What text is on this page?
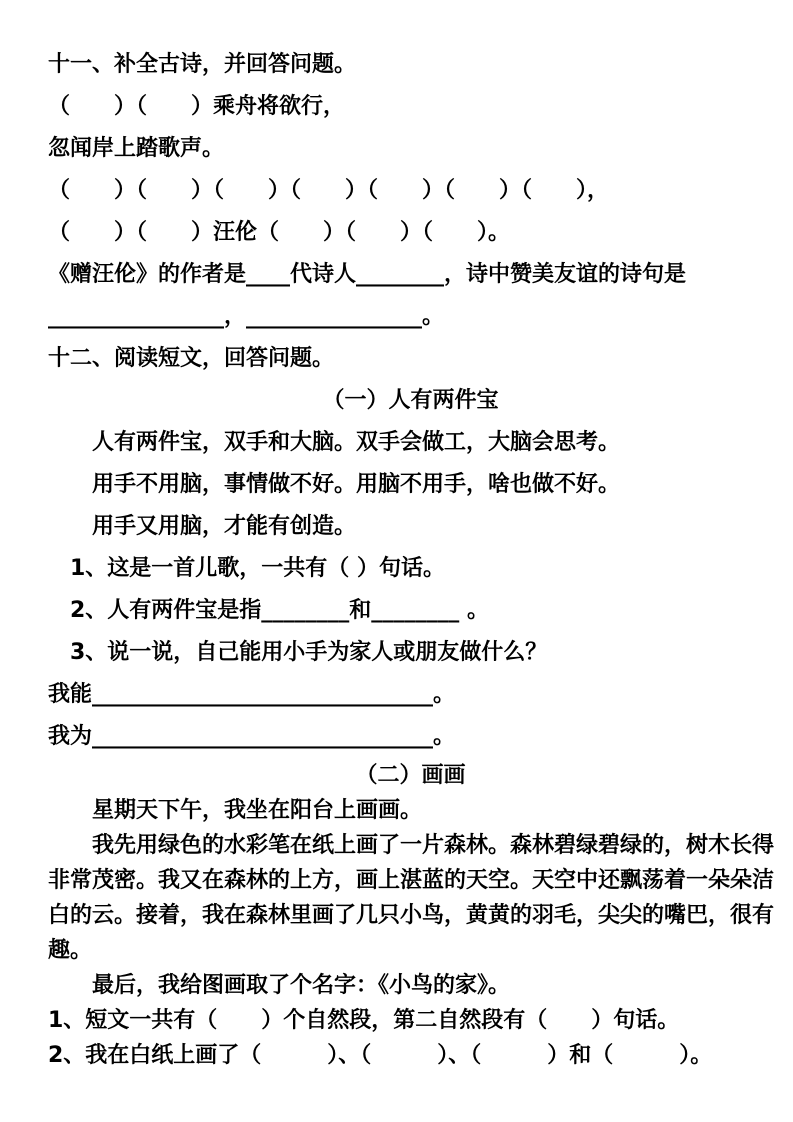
十一、补全古诗，并回答问题。

（　　）（　　）乘舟将欲行，

忽闻岸上踏歌声。

（　　）（　　）（　　）（　　）（　　）（　　）（　　），

（　　）（　　）汪伦（　　）（　　）（　　）。

《赠汪伦》的作者是____代诗人________，诗中赞美友谊的诗句是

________________，________________。

十二、阅读短文，回答问题。

（一）人有两件宝

人有两件宝，双手和大脑。双手会做工，大脑会思考。

用手不用脑，事情做不好。用脑不用手，啥也做不好。

用手又用脑，才能有创造。

1、这是一首儿歌，一共有（ ）句话。

2、人有两件宝是指________和________ 。

3、说一说，自己能用小手为家人或朋友做什么？

我能_______________________________。

我为_______________________________。

（二）画画

星期天下午，我坐在阳台上画画。

我先用绿色的水彩笔在纸上画了一片森林。森林碧绿碧绿的，树木长得

非常茂密。我又在森林的上方，画上湛蓝的天空。天空中还飘荡着一朵朵洁

白的云。接着，我在森林里画了几只小鸟，黄黄的羽毛，尖尖的嘴巴，很有

趣。

最后，我给图画取了个名字：《小鸟的家》。

1、短文一共有（　　）个自然段，第二自然段有（　　）句话。

2、我在白纸上画了（　　　）、（　　　）、（　　　）和（　　　）。
